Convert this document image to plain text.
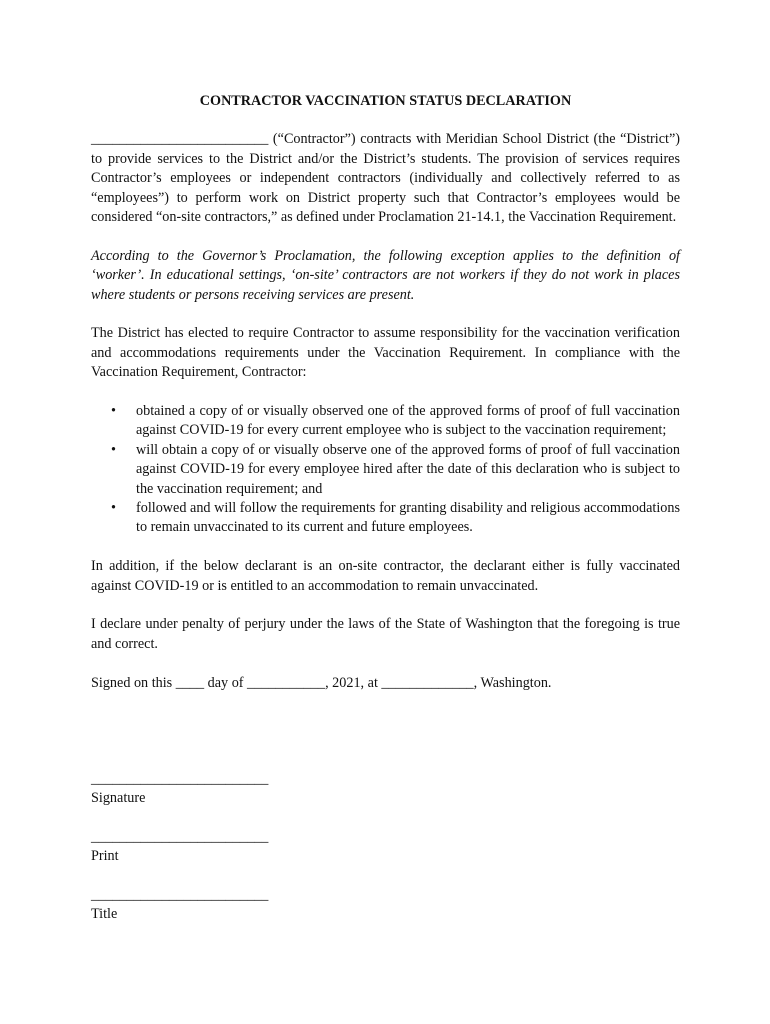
CONTRACTOR VACCINATION STATUS DECLARATION

_________________________ (“Contractor”) contracts with Meridian School District (the “District”) to provide services to the District and/or the District’s students. The provision of services requires Contractor’s employees or independent contractors (individually and collectively referred to as “employees”) to perform work on District property such that Contractor’s employees would be considered “on-site contractors,” as defined under Proclamation 21-14.1, the Vaccination Requirement.

According to the Governor’s Proclamation, the following exception applies to the definition of ‘worker’. In educational settings, ‘on-site’ contractors are not workers if they do not work in places where students or persons receiving services are present.

The District has elected to require Contractor to assume responsibility for the vaccination verification and accommodations requirements under the Vaccination Requirement. In compliance with the Vaccination Requirement, Contractor:

• obtained a copy of or visually observed one of the approved forms of proof of full vaccination against COVID-19 for every current employee who is subject to the vaccination requirement;
• will obtain a copy of or visually observe one of the approved forms of proof of full vaccination against COVID-19 for every employee hired after the date of this declaration who is subject to the vaccination requirement; and
• followed and will follow the requirements for granting disability and religious accommodations to remain unvaccinated to its current and future employees.

In addition, if the below declarant is an on-site contractor, the declarant either is fully vaccinated against COVID-19 or is entitled to an accommodation to remain unvaccinated.

I declare under penalty of perjury under the laws of the State of Washington that the foregoing is true and correct.

Signed on this ____ day of ___________, 2021, at _____________, Washington.

_________________________
Signature
_________________________
Print
_________________________
Title
